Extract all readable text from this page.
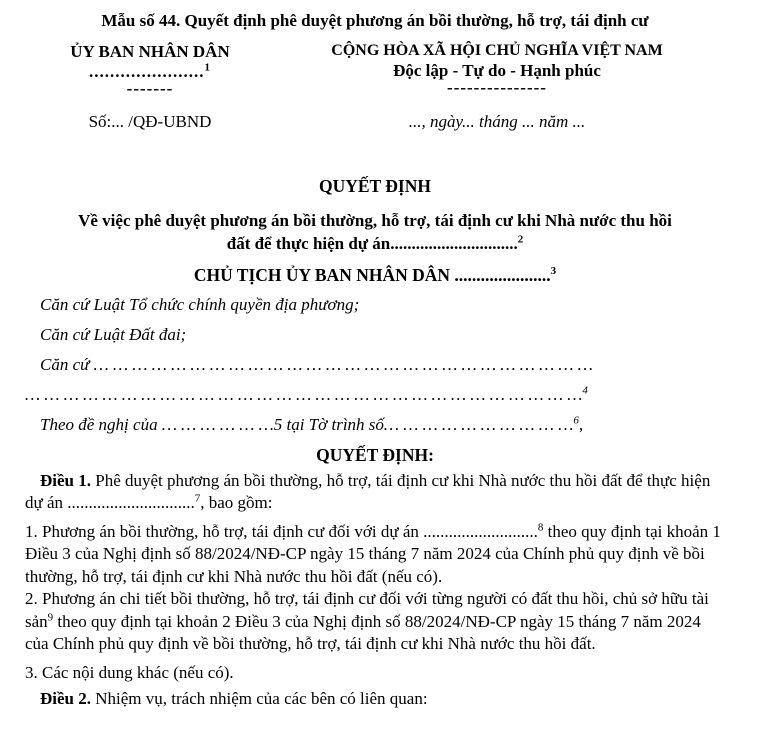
Mẫu số 44. Quyết định phê duyệt phương án bồi thường, hỗ trợ, tái định cư
ỦY BAN NHÂN DÂN
......................$^1$
-------
CỘNG HÒA XÃ HỘI CHỦ NGHĨA VIỆT NAM
Độc lập - Tự do - Hạnh phúc
---------------
Số:... /QĐ-UBND	..., ngày... tháng ... năm ...
QUYẾT ĐỊNH
Về việc phê duyệt phương án bồi thường, hỗ trợ, tái định cư khi Nhà nước thu hồi đất để thực hiện dự án..............................$^2$
CHỦ TỊCH ỦY BAN NHÂN DÂN ......................$^3$

Căn cứ Luật Tổ chức chính quyền địa phương;

Căn cứ Luật Đất đai;

Căn cứ … … … … … … … … … … … … … … … … … … … … … … … … … …

… … … … … … … … … … … … … … … … … … … … … … … … … … … … …$^4$

Theo đề nghị của … … … … … …5 tại Tờ trình số… … … … … … … … … …$^6$,

QUYẾT ĐỊNH:

Điều 1. Phê duyệt phương án bồi thường, hỗ trợ, tái định cư khi Nhà nước thu hồi đất để thực hiện dự án ..............................$^7$, bao gồm:

1. Phương án bồi thường, hỗ trợ, tái định cư đối với dự án ...........................$^8$ theo quy định tại khoản 1 Điều 3 của Nghị định số 88/2024/NĐ-CP ngày 15 tháng 7 năm 2024 của Chính phủ quy định về bồi thường, hỗ trợ, tái định cư khi Nhà nước thu hồi đất (nếu có).

2. Phương án chi tiết bồi thường, hỗ trợ, tái định cư đối với từng người có đất thu hồi, chủ sở hữu tài sản$^9$ theo quy định tại khoản 2 Điều 3 của Nghị định số 88/2024/NĐ-CP ngày 15 tháng 7 năm 2024 của Chính phủ quy định về bồi thường, hỗ trợ, tái định cư khi Nhà nước thu hồi đất.

3. Các nội dung khác (nếu có).

Điều 2. Nhiệm vụ, trách nhiệm của các bên có liên quan:
